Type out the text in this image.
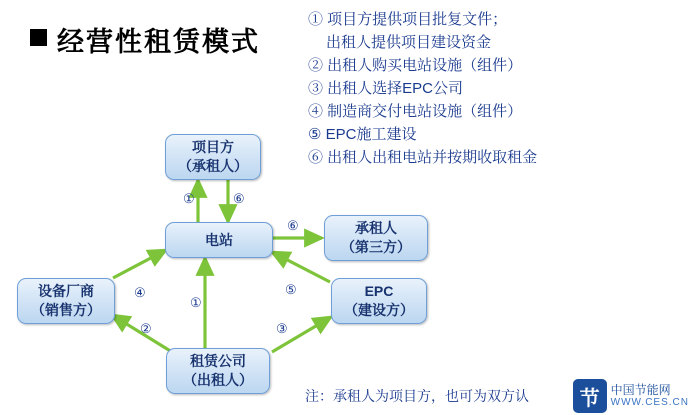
经营性租赁模式
① 项目方提供项目批复文件；
出租人提供项目建设资金
② 出租人购买电站设施（组件）
③ 出租人选择EPC公司
④ 制造商交付电站设施（组件）
⑤ EPC施工建设
⑥ 出租人出租电站并按期收取租金
项目方
（承租人）
电站
承租人
（第三方）
设备厂商
（销售方）
EPC
（建设方）
租赁公司
（出租人）
①	⑥
⑥
④	⑤
①
②	③
注：承租人为项目方，也可为双方认	节 中国节能网
WWW.CES.CN
